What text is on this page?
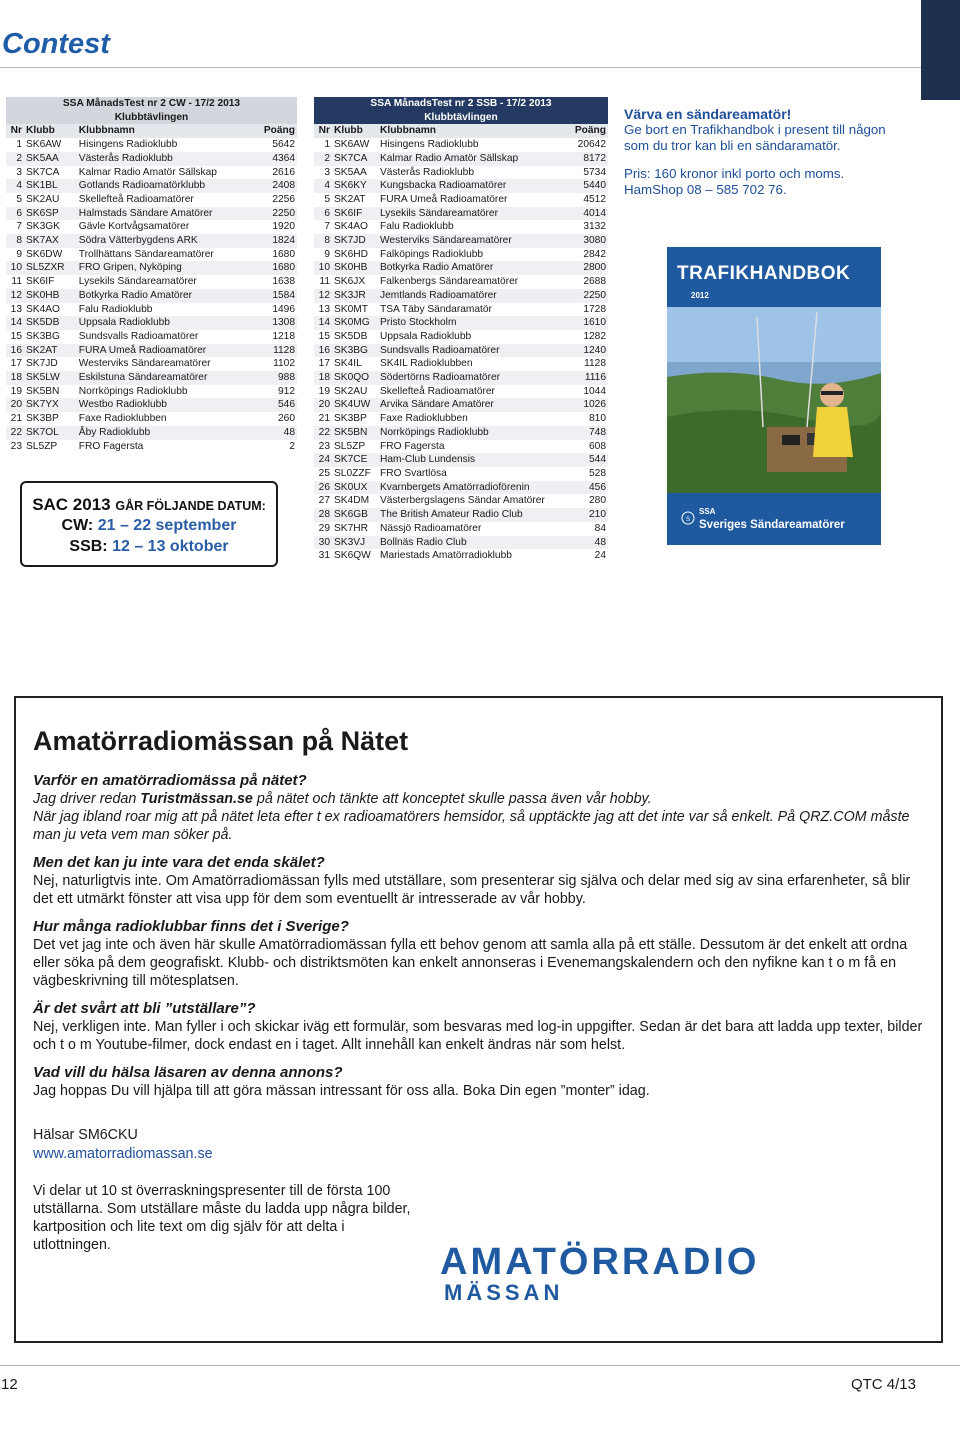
Contest
SSA MånadsTest nr 2 CW - 17/2 2013			
Klubbtävlingen			
Nr	Klubb	Klubbnamn	Poäng
1	SK6AW	Hisingens Radioklubb	5642
2	SK5AA	Västerås Radioklubb	4364
3	SK7CA	Kalmar Radio Amatör Sällskap	2616
4	SK1BL	Gotlands Radioamatörklubb	2408
5	SK2AU	Skellefteå Radioamatörer	2256
6	SK6SP	Halmstads Sändare Amatörer	2250
7	SK3GK	Gävle Kortvågsamatörer	1920
8	SK7AX	Södra Vätterbygdens ARK	1824
9	SK6DW	Trollhättans Sändareamatörer	1680
10	SL5ZXR	FRO Gripen, Nyköping	1680
11	SK6IF	Lysekils Sändareamatörer	1638
12	SK0HB	Botkyrka Radio Amatörer	1584
13	SK4AO	Falu Radioklubb	1496
14	SK5DB	Uppsala Radioklubb	1308
15	SK3BG	Sundsvalls Radioamatörer	1218
16	SK2AT	FURA Umeå Radioamatörer	1128
17	SK7JD	Westerviks Sändareamatörer	1102
18	SK5LW	Eskilstuna Sändareamatörer	988
19	SK5BN	Norrköpings Radioklubb	912
20	SK7YX	Westbo Radioklubb	546
21	SK3BP	Faxe Radioklubben	260
22	SK7OL	Åby Radioklubb	48
23	SL5ZP	FRO Fagersta	2
SSA MånadsTest nr 2 SSB - 17/2 2013			
Klubbtävlingen			
Nr	Klubb	Klubbnamn	Poäng
1	SK6AW	Hisingens Radioklubb	20642
2	SK7CA	Kalmar Radio Amatör Sällskap	8172
3	SK5AA	Västerås Radioklubb	5734
4	SK6KY	Kungsbacka Radioamatörer	5440
5	SK2AT	FURA Umeå Radioamatörer	4512
6	SK6IF	Lysekils Sändareamatörer	4014
7	SK4AO	Falu Radioklubb	3132
8	SK7JD	Westerviks Sändareamatörer	3080
9	SK6HD	Falköpings Radioklubb	2842
10	SK0HB	Botkyrka Radio Amatörer	2800
11	SK6JX	Falkenbergs Sändareamatörer	2688
12	SK3JR	Jemtlands Radioamatörer	2250
13	SK0MT	TSA Täby Sändaramatör	1728
14	SK0MG	Pristo Stockholm	1610
15	SK5DB	Uppsala Radioklubb	1282
16	SK3BG	Sundsvalls Radioamatörer	1240
17	SK4IL	SK4IL Radioklubben	1128
18	SK0QO	Södertörns Radioamatörer	1116
19	SK2AU	Skellefteå Radioamatörer	1044
20	SK4UW	Arvika Sändare Amatörer	1026
21	SK3BP	Faxe Radioklubben	810
22	SK5BN	Norrköpings Radioklubb	748
23	SL5ZP	FRO Fagersta	608
24	SK7CE	Ham-Club Lundensis	544
25	SL0ZZF	FRO Svartlösa	528
26	SK0UX	Kvarnbergets Amatörradioförenin	456
27	SK4DM	Västerbergslagens Sändar Amatörer	280
28	SK6GB	The British Amateur Radio Club	210
29	SK7HR	Nässjö Radioamatörer	84
30	SK3VJ	Bollnäs Radio Club	48
31	SK6QW	Mariestads Amatörradioklubb	24
SAC 2013 GÅR FÖLJANDE DATUM:
CW: 21 – 22 september
SSB: 12 – 13 oktober
Värva en sändareamatör!
Ge bort en Trafikhandbok i present till någon som du tror kan bli en sändaramatör.
Pris: 160 kronor inkl porto och moms. HamShop 08 – 585 702 76.
TRAFIKHANDBOK
2012
S
SSA
Sveriges Sändareamatörer
Amatörradiomässan på Nätet
Varför en amatörradiomässa på nätet?
Jag driver redan Turistmässan.se på nätet och tänkte att konceptet skulle passa även vår hobby.
När jag ibland roar mig att på nätet leta efter t ex radioamatörers hemsidor, så upptäckte jag att det inte var så enkelt. På QRZ.COM måste man ju veta vem man söker på.
Men det kan ju inte vara det enda skälet?
Nej, naturligtvis inte. Om Amatörradiomässan fylls med utställare, som presenterar sig själva och delar med sig av sina erfarenheter, så blir det ett utmärkt fönster att visa upp för dem som eventuellt är intresserade av vår hobby.
Hur många radioklubbar finns det i Sverige?
Det vet jag inte och även här skulle Amatörradiomässan fylla ett behov genom att samla alla på ett ställe. Dessutom är det enkelt att ordna eller söka på dem geografiskt. Klubb- och distriktsmöten kan enkelt annonseras i Evenemangskalendern och den nyfikne kan t o m få en vägbeskrivning till mötesplatsen.
Är det svårt att bli ”utställare”?
Nej, verkligen inte. Man fyller i och skickar iväg ett formulär, som besvaras med log-in uppgifter. Sedan är det bara att ladda upp texter, bilder och t o m Youtube-filmer, dock endast en i taget. Allt innehåll kan enkelt ändras när som helst.
Vad vill du hälsa läsaren av denna annons?
Jag hoppas Du vill hjälpa till att göra mässan intressant för oss alla. Boka Din egen ”monter” idag.
Hälsar SM6CKU
www.amatorradiomassan.se
Vi delar ut 10 st överraskningspresenter till de första 100 utställarna. Som utställare måste du ladda upp några bilder, kartposition och lite text om dig själv för att delta i utlottningen.	AMATÖRRADIO
MÄSSAN
12	QTC 4/13
